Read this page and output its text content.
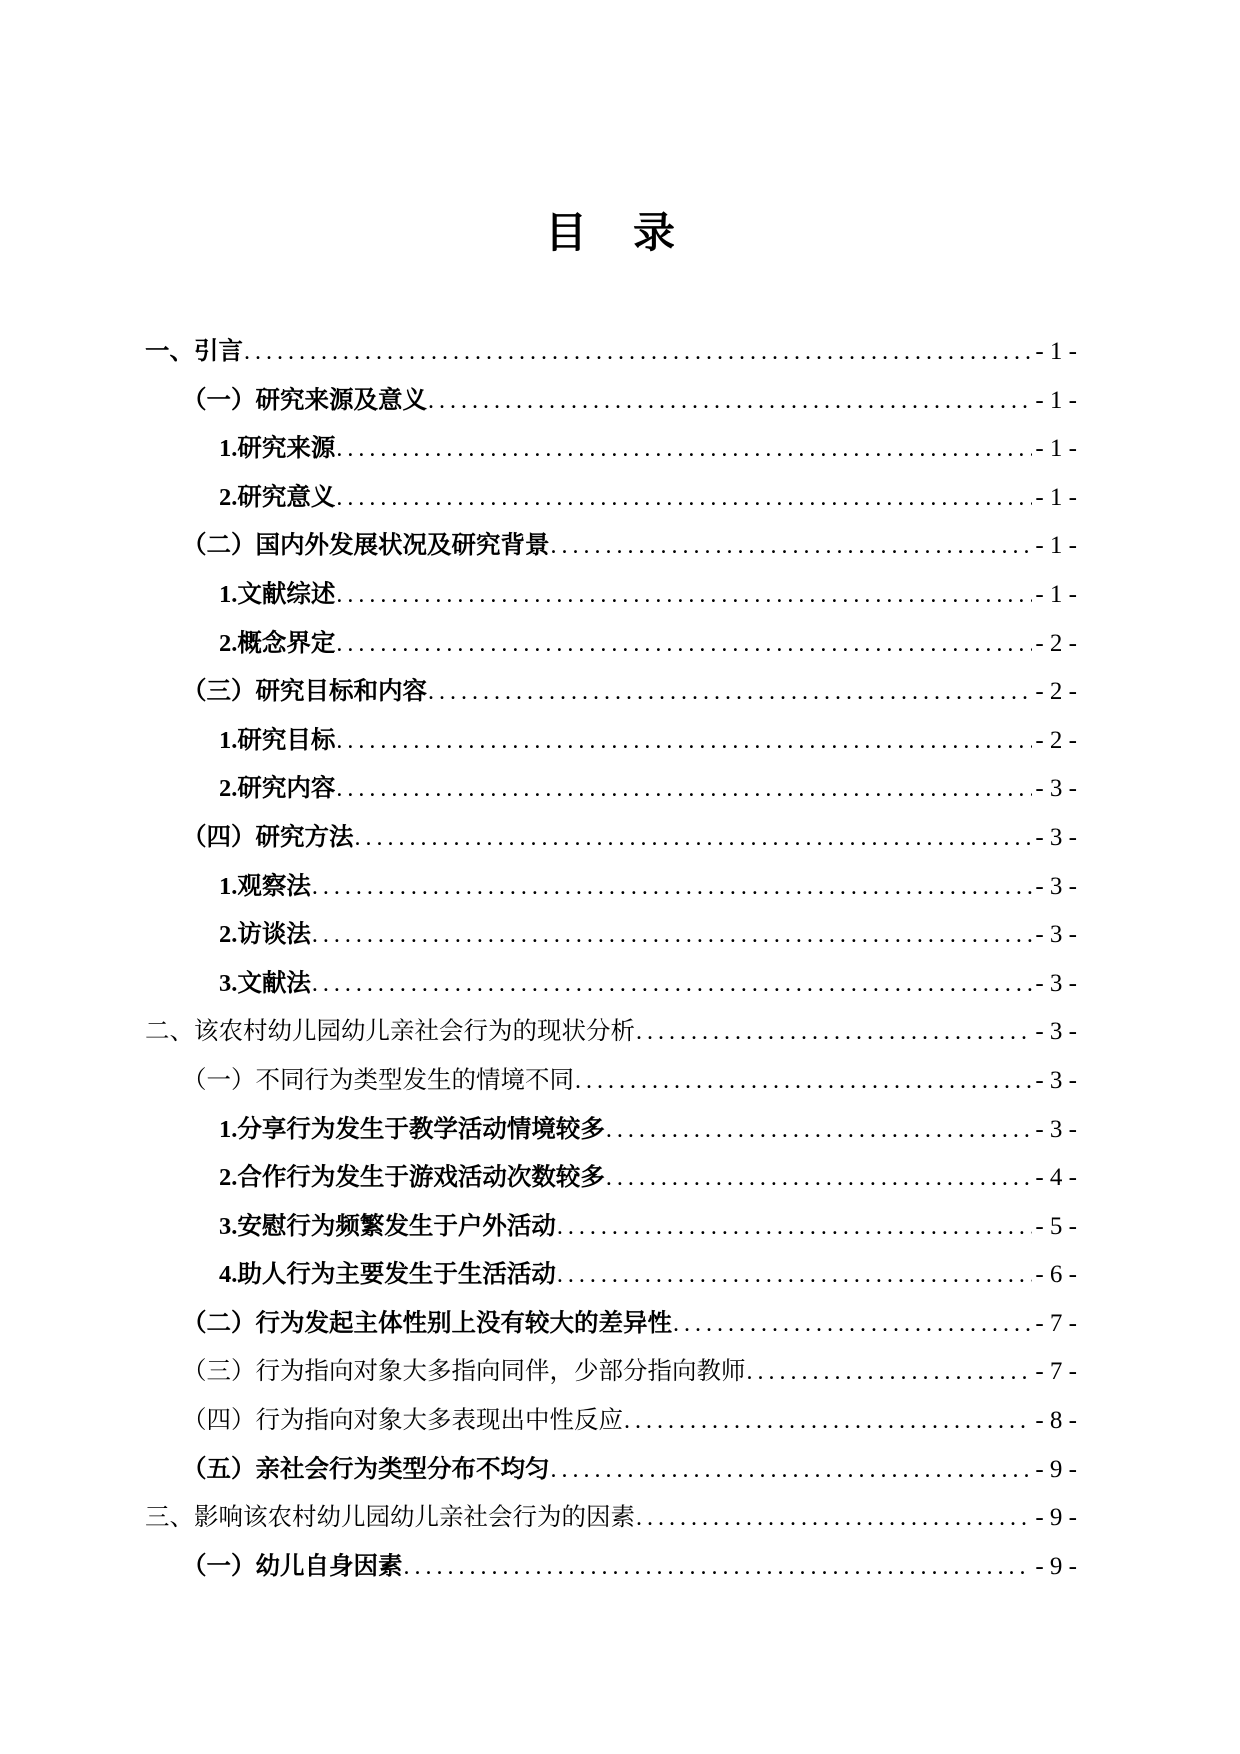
目　录
一、引言 .....	- 1 -
（一）研究来源及意义 .....	- 1 -
1.研究来源 .....	- 1 -
2.研究意义 .....	- 1 -
（二）国内外发展状况及研究背景 .....	- 1 -
1.文献综述 .....	- 1 -
2.概念界定 .....	- 2 -
（三）研究目标和内容 .....	- 2 -
1.研究目标 .....	- 2 -
2.研究内容 .....	- 3 -
（四）研究方法 .....	- 3 -
1.观察法 .....	- 3 -
2.访谈法 .....	- 3 -
3.文献法 .....	- 3 -
二、该农村幼儿园幼儿亲社会行为的现状分析 .....	- 3 -
（一）不同行为类型发生的情境不同 .....	- 3 -
1.分享行为发生于教学活动情境较多 .....	- 3 -
2.合作行为发生于游戏活动次数较多 .....	- 4 -
3.安慰行为频繁发生于户外活动 .....	- 5 -
4.助人行为主要发生于生活活动 .....	- 6 -
（二）行为发起主体性别上没有较大的差异性 .....	- 7 -
（三）行为指向对象大多指向同伴，少部分指向教师 .....	- 7 -
（四）行为指向对象大多表现出中性反应 .....	- 8 -
（五）亲社会行为类型分布不均匀 .....	- 9 -
三、影响该农村幼儿园幼儿亲社会行为的因素 .....	- 9 -
（一）幼儿自身因素 .....	- 9 -
